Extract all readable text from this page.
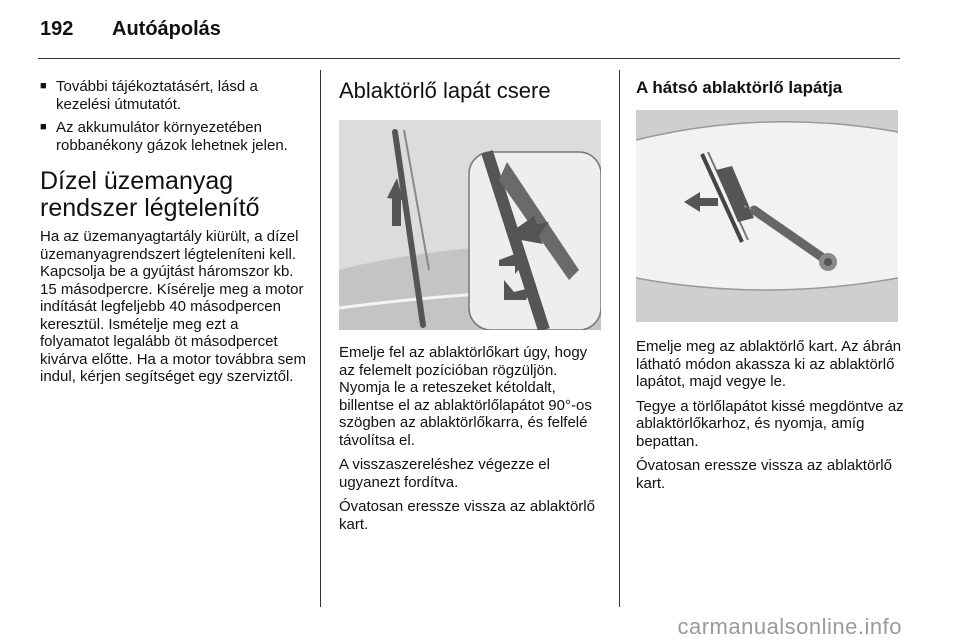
192 Autóápolás
■ További tájékoztatásért, lásd a kezelési útmutatót.
■ Az akkumulátor környezetében robbanékony gázok lehetnek jelen.
Dízel üzemanyag rendszer légtelenítő

Ha az üzemanyagtartály kiürült, a dízel üzemanyagrendszert légteleníteni kell. Kapcsolja be a gyújtást háromszor kb. 15 másodpercre. Kísérelje meg a motor indítását legfeljebb 40 másodpercen keresztül. Ismételje meg ezt a folyamatot legalább öt másodpercet kivárva előtte. Ha a motor továbbra sem indul, kérjen segítséget egy szerviztől.

Ablaktörlő lapát csere

Emelje fel az ablaktörlőkart úgy, hogy az felemelt pozícióban rögzüljön. Nyomja le a reteszeket kétoldalt, billentse el az ablaktörlőlapátot 90°-os szögben az ablaktörlőkarra, és felfelé távolítsa el.

A visszaszereléshez végezze el ugyanezt fordítva.

Óvatosan eressze vissza az ablaktörlő kart.

A hátsó ablaktörlő lapátja

Emelje meg az ablaktörlő kart. Az ábrán látható módon akassza ki az ablaktörlő lapátot, majd vegye le.

Tegye a törlőlapátot kissé megdöntve az ablaktörlőkarhoz, és nyomja, amíg bepattan.

Óvatosan eressze vissza az ablaktörlő kart.

carmanualsonline.info
